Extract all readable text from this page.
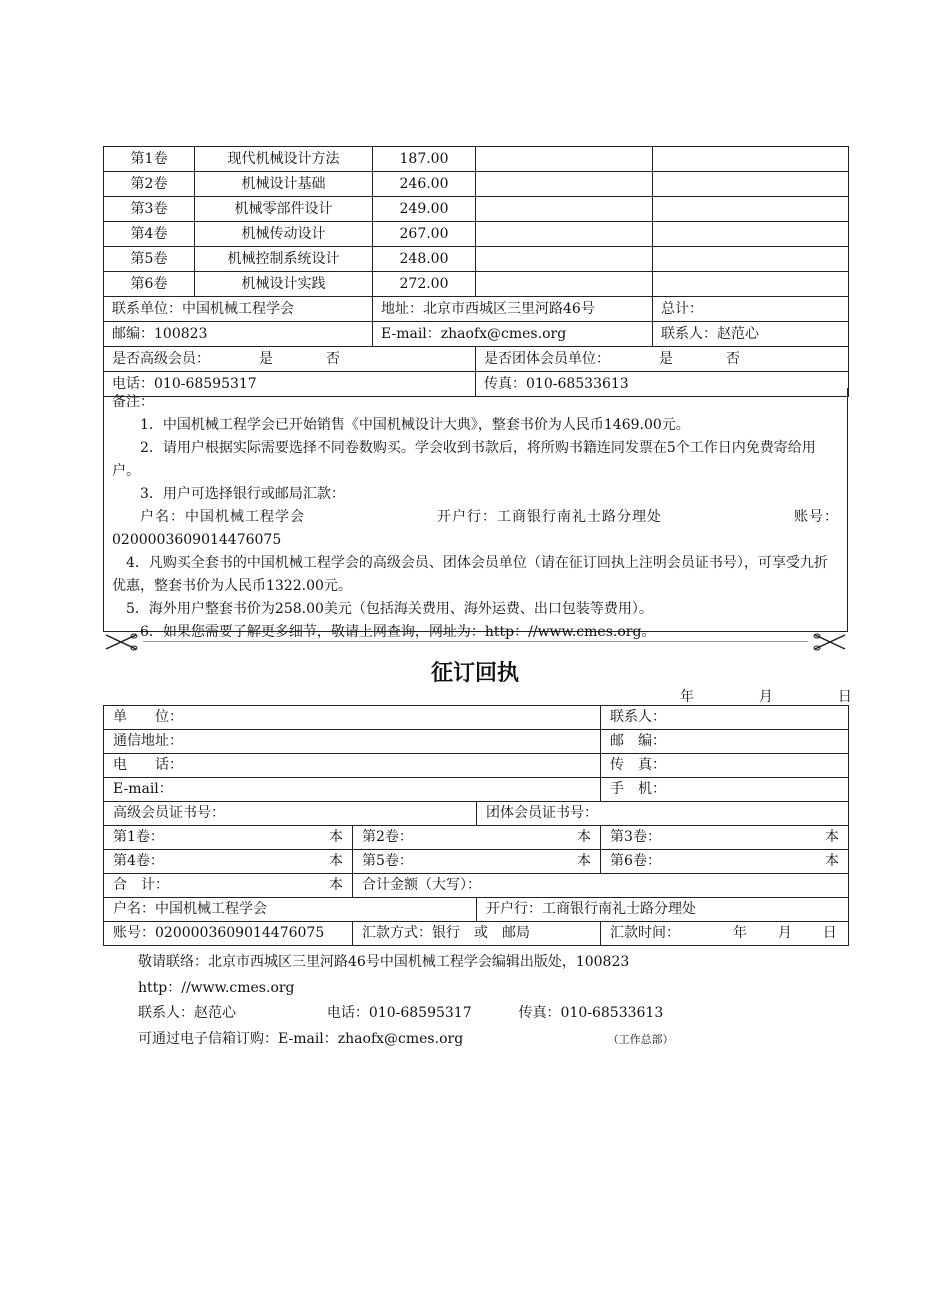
第1卷	现代机械设计方法	187.00		
第2卷	机械设计基础	246.00		
第3卷	机械零部件设计	249.00		
第4卷	机械传动设计	267.00		
第5卷	机械控制系统设计	248.00		
第6卷	机械设计实践	272.00		
联系单位：中国机械工程学会		地址：北京市西城区三里河路46号		总计：
邮编：100823		E-mail：zhaofx@cmes.org		联系人：赵范心
是否高级会员： 是 否			是否团体会员单位： 是 否	
电话：010-68595317			传真：010-68533613	

备注：

1．中国机械工程学会已开始销售《中国机械设计大典》，整套书价为人民币1469.00元。

2．请用户根据实际需要选择不同卷数购买。学会收到书款后，将所购书籍连同发票在5个工作日内免费寄给用户。

3．用户可选择银行或邮局汇款：

户名：中国机械工程学会	开户行：工商银行南礼士路分理处	账号：

0200003609014476075

4．凡购买全套书的中国机械工程学会的高级会员、团体会员单位（请在征订回执上注明会员证书号），可享受九折优惠，整套书价为人民币1322.00元。

5．海外用户整套书价为258.00美元（包括海关费用、海外运费、出口包装等费用）。

6．如果您需要了解更多细节，敬请上网查询，网址为：http：//www.cmes.org。

征订回执
年	月	日
单　　位：			联系人：
通信地址：			邮　编：
电　　话：			传　真：
E-mail：			手　机：
高级会员证书号：		团体会员证书号：	
第1卷： 本	第2卷： 本		第3卷： 本

第4卷： 本	第5卷： 本		第6卷： 本

合　计： 本	合计金额（大写）：		
户名：中国机械工程学会		开户行：工商银行南礼士路分理处	
账号：0200003609014476075	汇款方式：银行　或　邮局		汇款时间： 年 月 日

敬请联络：北京市西城区三里河路46号中国机械工程学会编辑出版处，100823

http：//www.cmes.org

联系人：赵范心	电话：010-68595317	传真：010-68533613

可通过电子信箱订购：E-mail：zhaofx@cmes.org	（工作总部）
